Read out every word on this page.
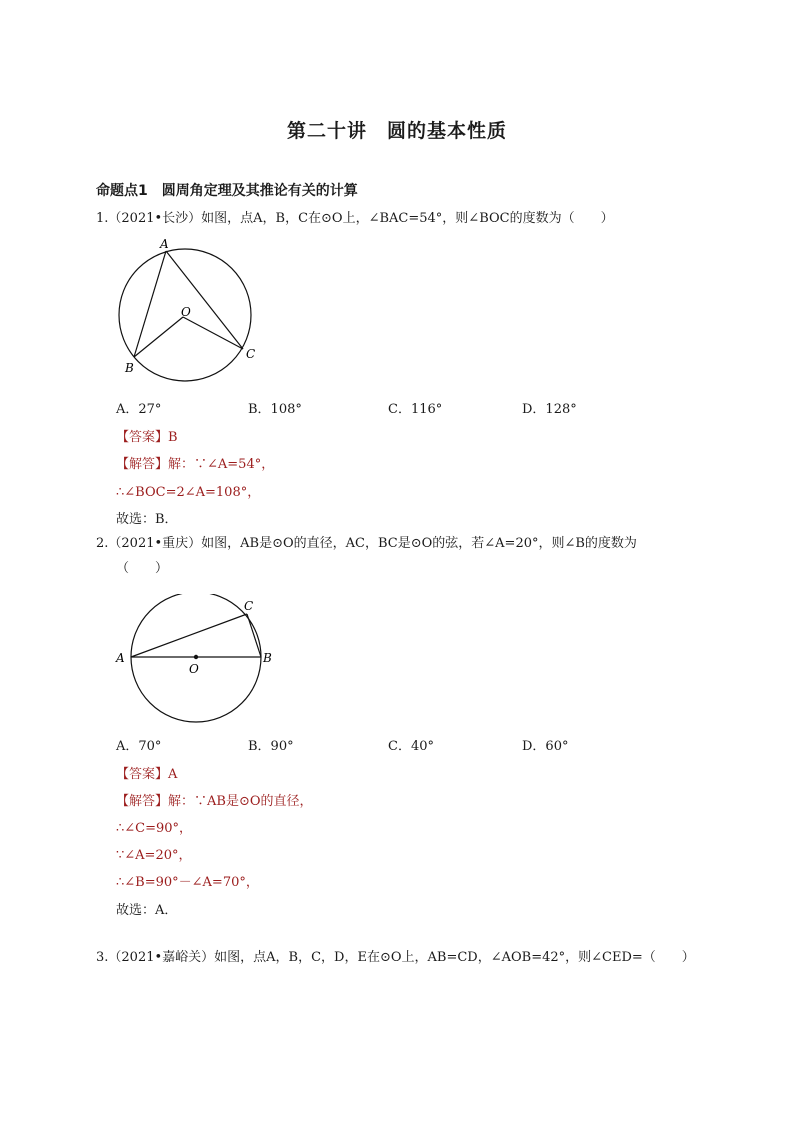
第二十讲　圆的基本性质
命题点1　圆周角定理及其推论有关的计算
1.（2021•长沙）如图，点A，B，C在⊙O上，∠BAC=54°，则∠BOC的度数为（　　）
A
O
B
C
A．27°	B．108°	C．116°	D．128°
【答案】B
【解答】解：∵∠A=54°，
∴∠BOC=2∠A=108°，
故选：B．
2.（2021•重庆）如图，AB是⊙O的直径，AC，BC是⊙O的弦，若∠A=20°，则∠B的度数为
（　　）
A
O
B
C
A．70°	B．90°	C．40°	D．60°
【答案】A
【解答】解：∵AB是⊙O的直径，
∴∠C=90°，
∵∠A=20°，
∴∠B=90°－∠A=70°，
故选：A．
3.（2021•嘉峪关）如图，点A，B，C，D，E在⊙O上，AB=CD，∠AOB=42°，则∠CED=（　　）
